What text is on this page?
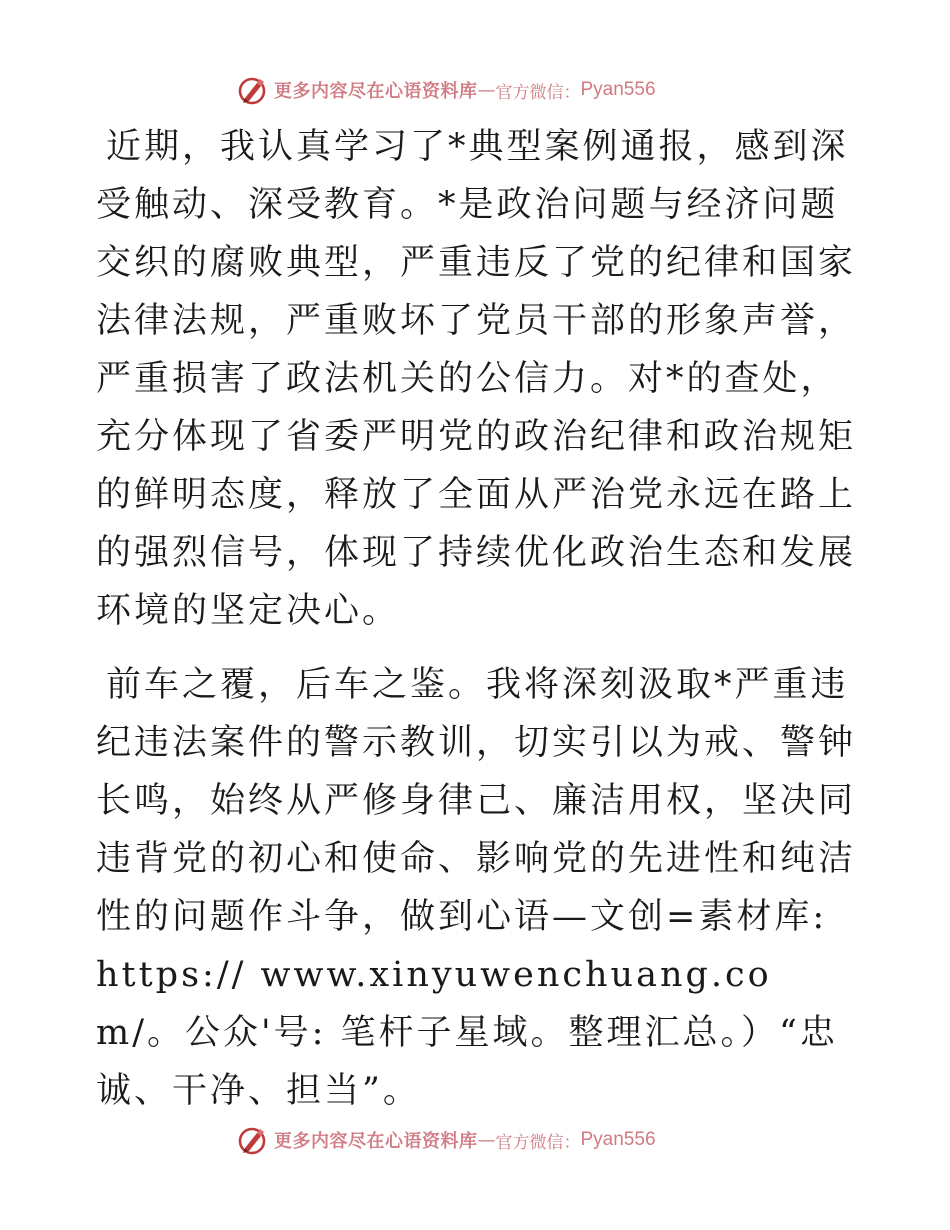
更多内容尽在心语资料库 — 官方微信： Pyan556

近期，我认真学习了*典型案例通报，感到深受触动、深受教育。*是政治问题与经济问题交织的腐败典型，严重违反了党的纪律和国家法律法规，严重败坏了党员干部的形象声誉，严重损害了政法机关的公信力。对*的查处，充分体现了省委严明党的政治纪律和政治规矩的鲜明态度，释放了全面从严治党永远在路上的强烈信号，体现了持续优化政治生态和发展环境的坚定决心。

前车之覆，后车之鉴。我将深刻汲取*严重违纪违法案件的警示教训，切实引以为戒、警钟长鸣，始终从严修身律己、廉洁用权，坚决同违背党的初心和使命、影响党的先进性和纯洁性的问题作斗争，做到心语—文创=素材库: https:// www.xinyuwenchuang.com/。公众'号: 笔杆子星域。整理汇总。）“忠诚、干净、担当”。

更多内容尽在心语资料库 — 官方微信： Pyan556
